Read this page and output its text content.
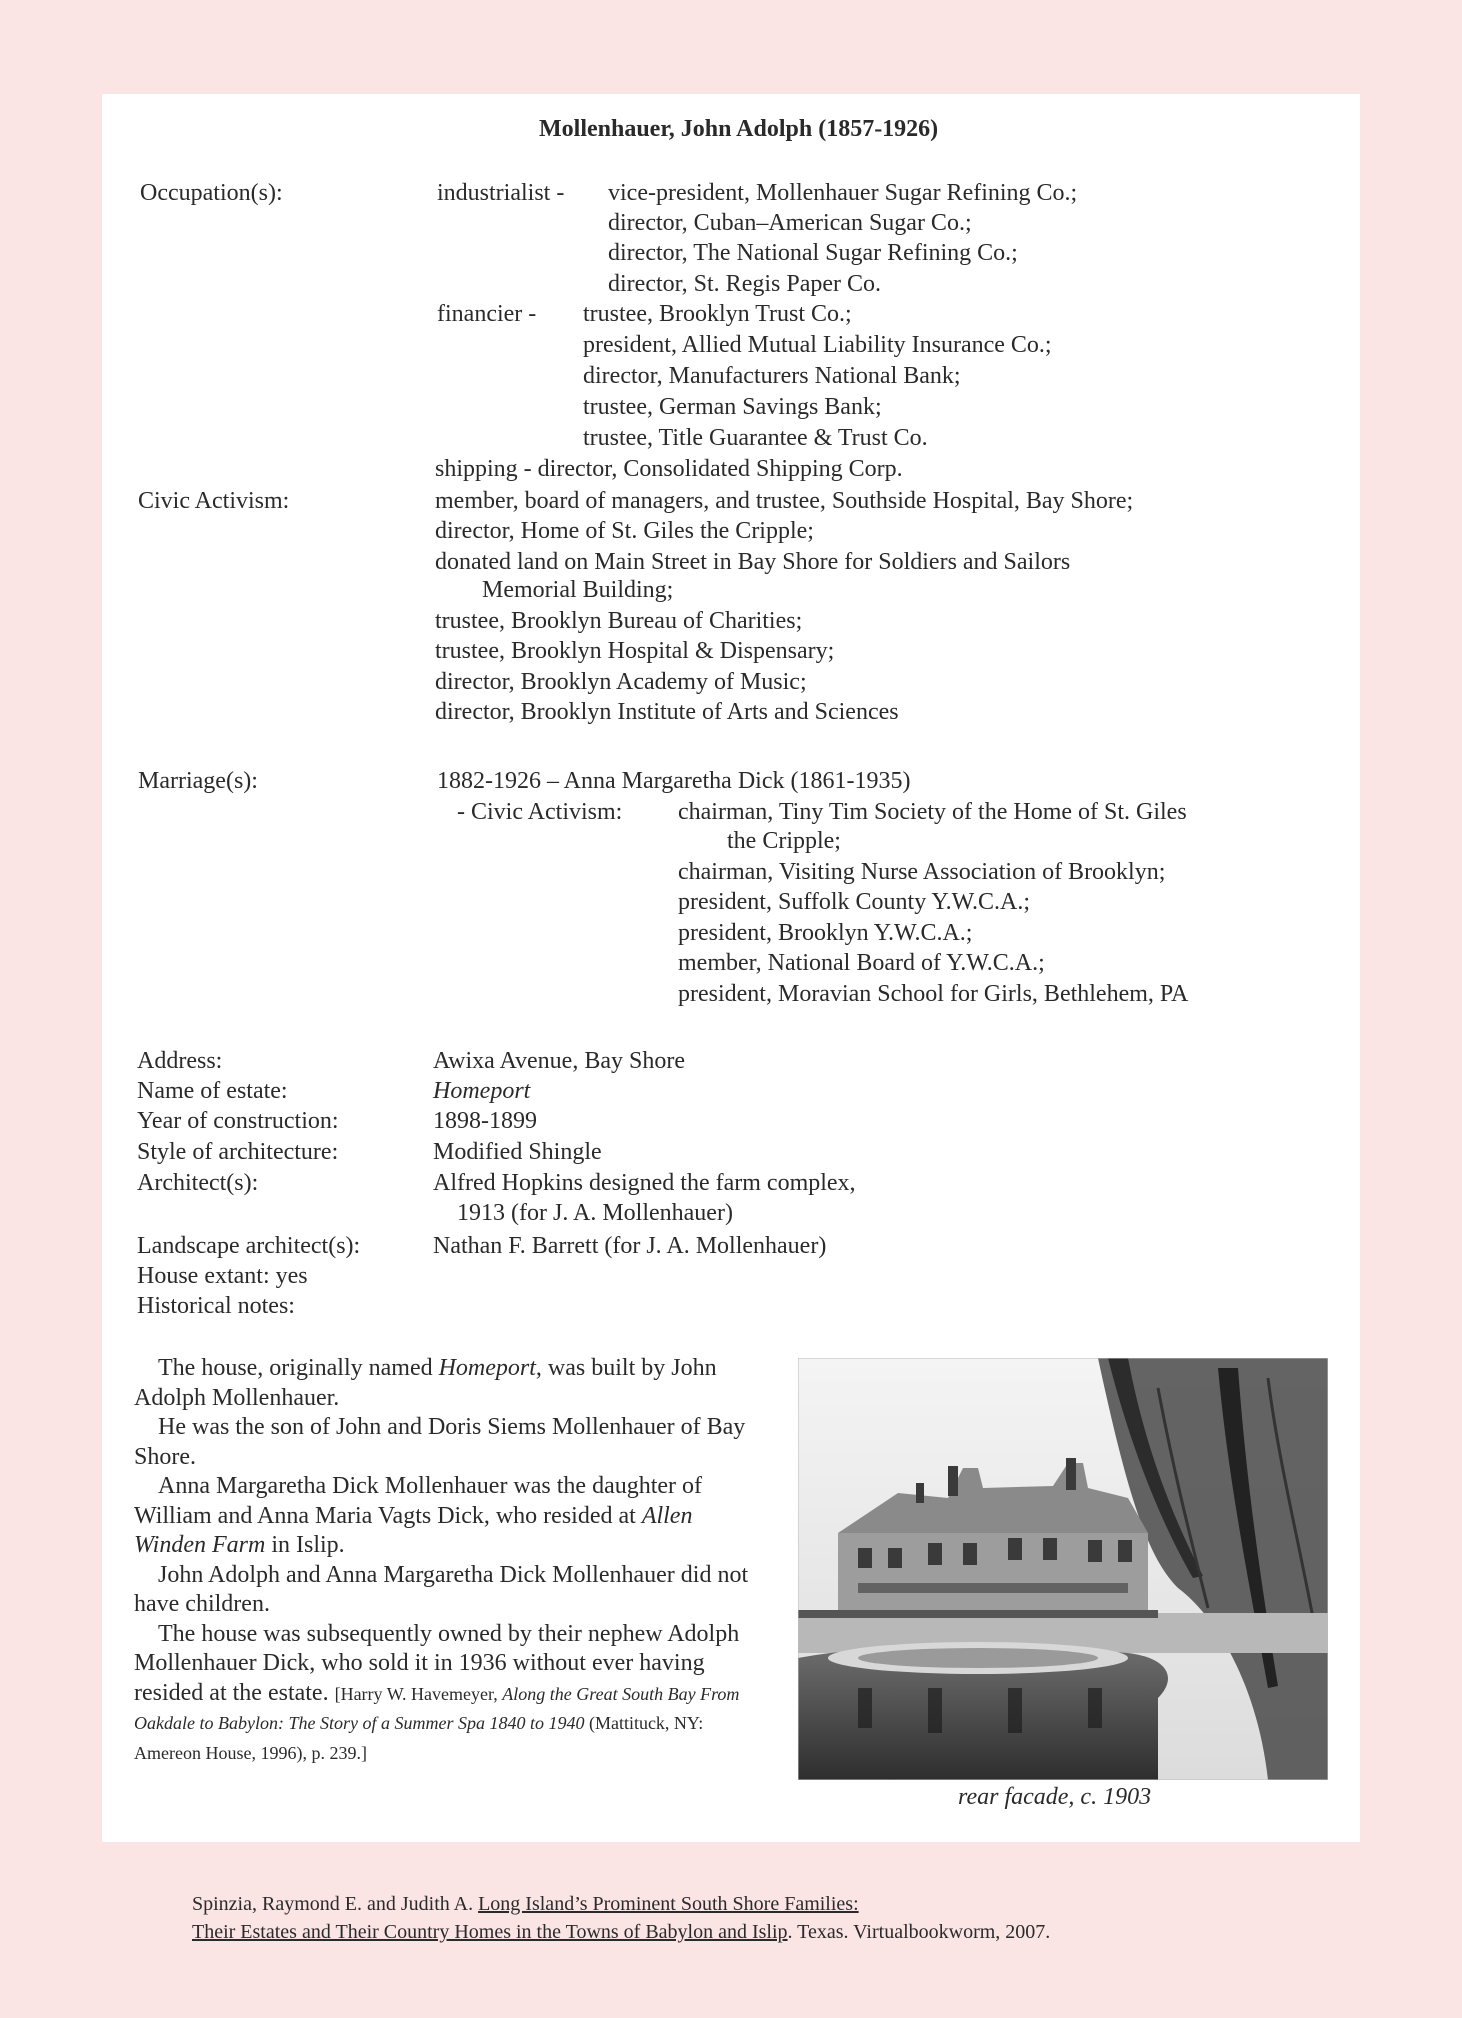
Mollenhauer, John Adolph (1857-1926)
Occupation(s):
Civic Activism:
Marriage(s):
Address:
Name of estate:
Year of construction:
Style of architecture:
Architect(s):
Landscape architect(s):
House extant: yes
Historical notes:
industrialist - vice-president, Mollenhauer Sugar Refining Co.;
director, Cuban–American Sugar Co.;
director, The National Sugar Refining Co.;
director, St. Regis Paper Co.
financier - trustee, Brooklyn Trust Co.;
president, Allied Mutual Liability Insurance Co.;
director, Manufacturers National Bank;
trustee, German Savings Bank;
trustee, Title Guarantee & Trust Co.
shipping - director, Consolidated Shipping Corp.
member, board of managers, and trustee, Southside Hospital, Bay Shore;
director, Home of St. Giles the Cripple;
donated land on Main Street in Bay Shore for Soldiers and Sailors
Memorial Building;
trustee, Brooklyn Bureau of Charities;
trustee, Brooklyn Hospital & Dispensary;
director, Brooklyn Academy of Music;
director, Brooklyn Institute of Arts and Sciences
1882-1926 – Anna Margaretha Dick (1861-1935)
- Civic Activism: chairman, Tiny Tim Society of the Home of St. Giles
the Cripple;
chairman, Visiting Nurse Association of Brooklyn;
president, Suffolk County Y.W.C.A.;
president, Brooklyn Y.W.C.A.;
member, National Board of Y.W.C.A.;
president, Moravian School for Girls, Bethlehem, PA
Awixa Avenue, Bay Shore
Homeport
1898-1899
Modified Shingle
Alfred Hopkins designed the farm complex,
1913 (for J. A. Mollenhauer)
Nathan F. Barrett (for J. A. Mollenhauer)

The house, originally named Homeport, was built by John Adolph Mollenhauer.

He was the son of John and Doris Siems Mollenhauer of Bay Shore.

Anna Margaretha Dick Mollenhauer was the daughter of William and Anna Maria Vagts Dick, who resided at Allen Winden Farm in Islip.

John Adolph and Anna Margaretha Dick Mollenhauer did not have children.

The house was subsequently owned by their nephew Adolph Mollenhauer Dick, who sold it in 1936 without ever having resided at the estate. [Harry W. Havemeyer, Along the Great South Bay From Oakdale to Babylon: The Story of a Summer Spa 1840 to 1940 (Mattituck, NY: Amereon House, 1996), p. 239.]

rear facade, c. 1903
Spinzia, Raymond E. and Judith A. Long Island’s Prominent South Shore Families:
Their Estates and Their Country Homes in the Towns of Babylon and Islip. Texas. Virtualbookworm, 2007.
